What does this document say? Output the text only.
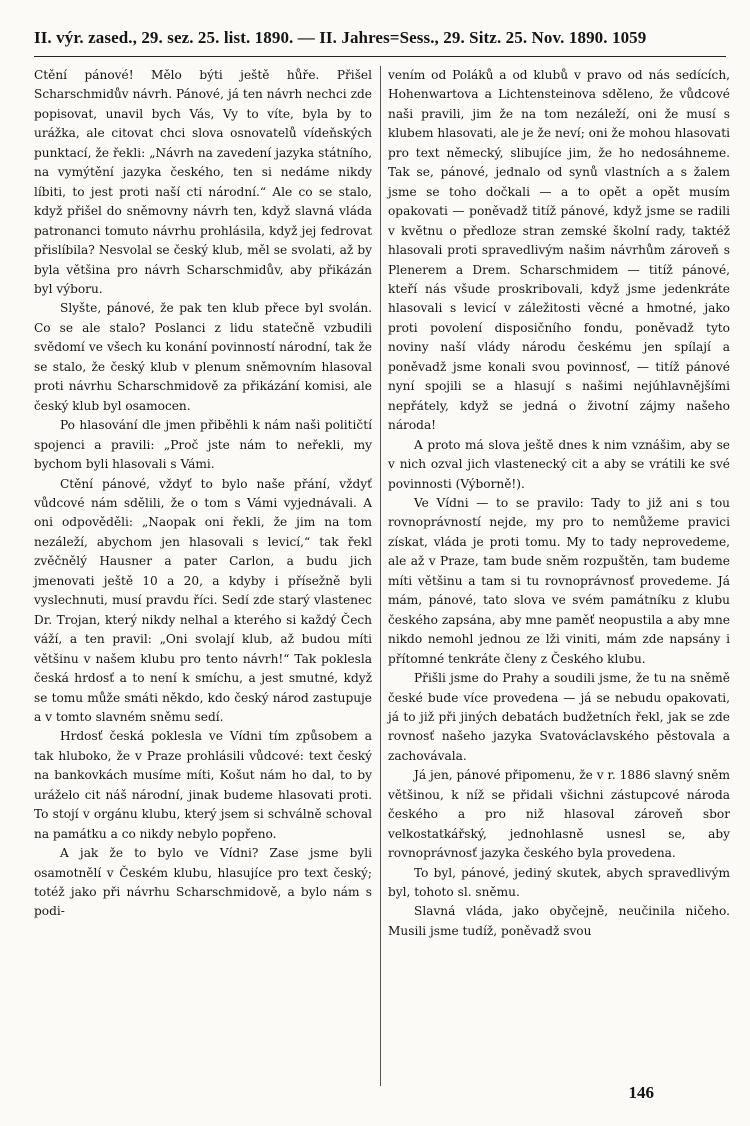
II. výr. zased., 29. sez. 25. list. 1890. — II. Jahres=Sess., 29. Sitz. 25. Nov. 1890. 1059

Ctění pánové! Mělo býti ještě hůře. Přišel Scharschmidův návrh. Pánové, já ten návrh nechci zde popisovat, unavil bych Vás, Vy to víte, byla by to urážka, ale citovat chci slova osnovatelů vídeňských punktací, že řekli: „Návrh na zavedení jazyka státního, na vymýtění jazyka českého, ten si nedáme nikdy líbiti, to jest proti naší cti národní.“ Ale co se stalo, když přišel do sněmovny návrh ten, když slavná vláda patronanci tomuto návrhu prohlásila, když jej fedrovat přislíbila? Nesvolal se český klub, měl se svolati, až by byla většina pro návrh Scharschmidův, aby přikázán byl výboru.

Slyšte, pánové, že pak ten klub přece byl svolán. Co se ale stalo? Poslanci z lidu statečně vzbudili svědomí ve všech ku konání povinností národní, tak že se stalo, že český klub v plenum sněmovním hlasoval proti návrhu Scharschmidově za přikázání komisi, ale český klub byl osamocen.

Po hlasování dle jmen přiběhli k nám naši političtí spojenci a pravili: „Proč jste nám to neřekli, my bychom byli hlasovali s Vámi.

Ctění pánové, vždyť to bylo naše přání, vždyť vůdcové nám sdělili, že o tom s Vámi vyjednávali. A oni odpověděli: „Naopak oni řekli, že jim na tom nezáleží, abychom jen hlasovali s levicí,“ tak řekl zvěčnělý Hausner a pater Carlon, a budu jich jmenovati ještě 10 a 20, a kdyby i přísežně byli vyslechnuti, musí pravdu říci. Sedí zde starý vlastenec Dr. Trojan, který nikdy nelhal a kterého si každý Čech váží, a ten pravil: „Oni svolají klub, až budou míti většinu v našem klubu pro tento návrh!“ Tak poklesla česká hrdosť a to není k smíchu, a jest smutné, když se tomu může smáti někdo, kdo český národ zastupuje a v tomto slavném sněmu sedí.

Hrdosť česká poklesla ve Vídni tím způsobem a tak hluboko, že v Praze prohlásili vůdcové: text český na bankovkách musíme míti, Košut nám ho dal, to by uráželo cit náš národní, jinak budeme hlasovati proti. To stojí v orgánu klubu, který jsem si schválně schoval na památku a co nikdy nebylo popřeno.

A jak že to bylo ve Vídni? Zase jsme byli osamotnělí v Českém klubu, hlasujíce pro text český; totéž jako při návrhu Scharschmidově, a bylo nám s podi-

vením od Poláků a od klubů v pravo od nás sedících, Hohenwartova a Lichtensteinova sděleno, že vůdcové naši pravili, jim že na tom nezáleží, oni že musí s klubem hlasovati, ale je že neví; oni že mohou hlasovati pro text německý, slibujíce jim, že ho nedosáhneme. Tak se, pánové, jednalo od synů vlastních a s žalem jsme se toho dočkali — a to opět a opět musím opakovati — poněvadž titíž pánové, když jsme se radili v květnu o předloze stran zemské školní rady, taktéž hlasovali proti spravedlivým našim návrhům zároveň s Plenerem a Drem. Scharschmidem — titíž pánové, kteří nás všude proskribovali, když jsme jedenkráte hlasovali s levicí v záležitosti věcné a hmotné, jako proti povolení disposičního fondu, poněvadž tyto noviny naší vlády národu českému jen spílají a poněvadž jsme konali svou povinnosť, — titíž pánové nyní spojili se a hlasují s našimi nejúhlavnějšími nepřátely, když se jedná o životní zájmy našeho národa!

A proto má slova ještě dnes k nim vznášim, aby se v nich ozval jich vlastenecký cit a aby se vrátili ke své povinnosti (Výborně!).

Ve Vídni — to se pravilo: Tady to již ani s tou rovnoprávností nejde, my pro to nemůžeme pravici získat, vláda je proti tomu. My to tady neprovedeme, ale až v Praze, tam bude sněm rozpuštěn, tam budeme míti většinu a tam si tu rovnoprávnosť provedeme. Já mám, pánové, tato slova ve svém památníku z klubu českého zapsána, aby mne paměť neopustila a aby mne nikdo nemohl jednou ze lži viniti, mám zde napsány i přítomné tenkráte členy z Českého klubu.

Přišli jsme do Prahy a soudili jsme, že tu na sněmě české bude více provedena — já se nebudu opakovati, já to již při jiných debatách budžetních řekl, jak se zde rovnosť našeho jazyka Svatováclavského pěstovala a zachovávala.

Já jen, pánové připomenu, že v r. 1886 slavný sněm většinou, k níž se přidali všichni zástupcové národa českého a pro niž hlasoval zároveň sbor velkostatkářský, jednohlasně usnesl se, aby rovnoprávnosť jazyka českého byla provedena.

To byl, pánové, jediný skutek, abych spravedlivým byl, tohoto sl. sněmu.

Slavná vláda, jako obyčejně, neučinila ničeho. Musili jsme tudíž, poněvadž svou

146
